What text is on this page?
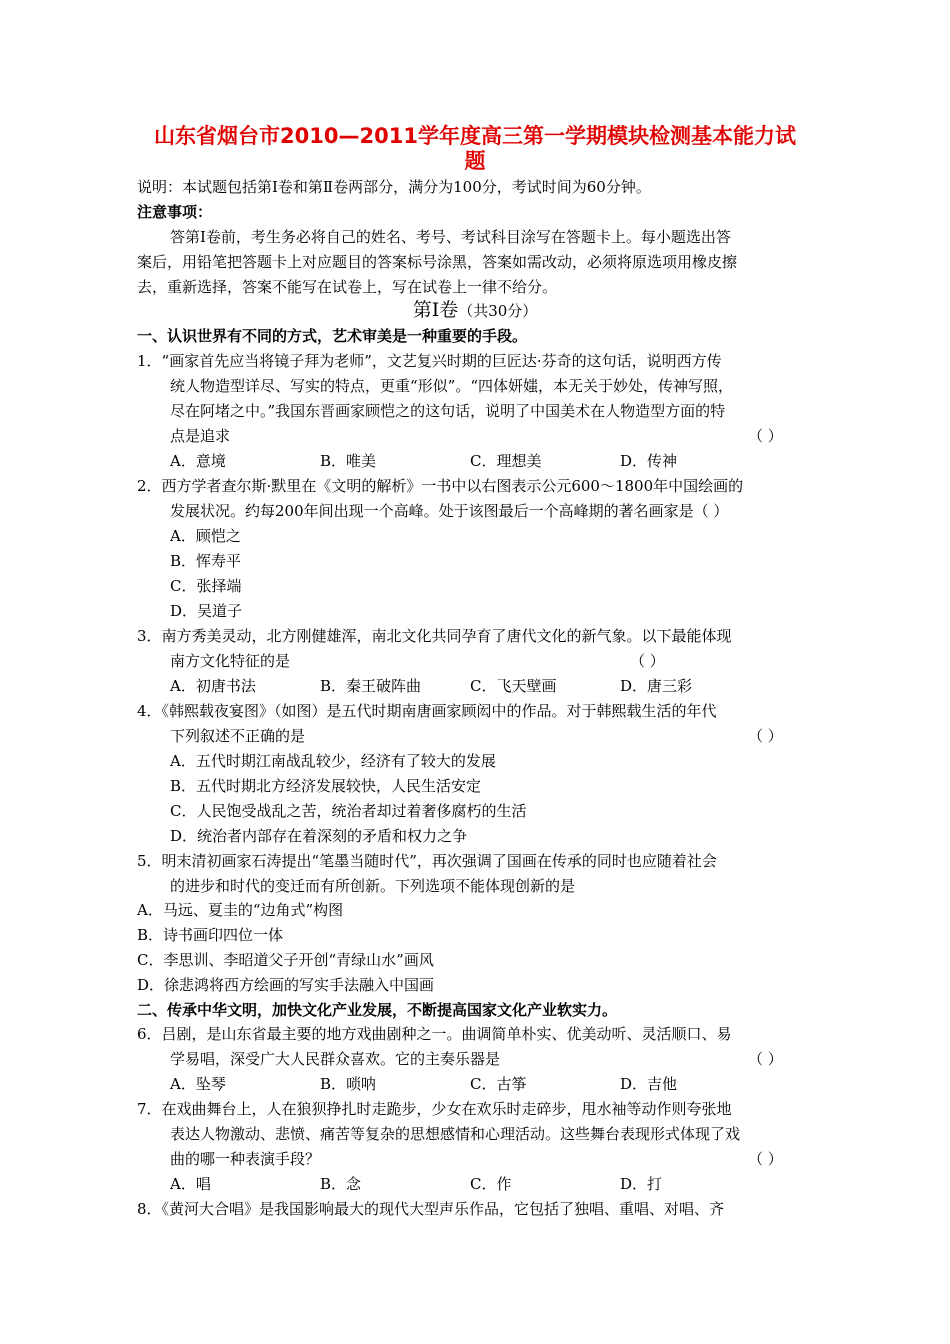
山东省烟台市2010—2011学年度高三第一学期模块检测基本能力试
题
说明：本试题包括第Ⅰ卷和第Ⅱ卷两部分，满分为100分，考试时间为60分钟。
注意事项：
答第Ⅰ卷前，考生务必将自己的姓名、考号、考试科目涂写在答题卡上。每小题选出答
案后，用铅笔把答题卡上对应题目的答案标号涂黑，答案如需改动，必须将原选项用橡皮擦
去，重新选择，答案不能写在试卷上，写在试卷上一律不给分。
第Ⅰ卷（共30分）
一、认识世界有不同的方式，艺术审美是一种重要的手段。
1．“画家首先应当将镜子拜为老师”，文艺复兴时期的巨匠达·芬奇的这句话，说明西方传
统人物造型详尽、写实的特点，更重“形似”。“四体妍媸，本无关于妙处，传神写照，
尽在阿堵之中。”我国东晋画家顾恺之的这句话，说明了中国美术在人物造型方面的特
点是追求	（ ）
A．意境	B．唯美	C．理想美	D．传神
2．西方学者查尔斯·默里在《文明的解析》一书中以右图表示公元600～1800年中国绘画的
发展状况。约每200年间出现一个高峰。处于该图最后一个高峰期的著名画家是（ ）
A．顾恺之
B．恽寿平
C．张择端
D．吴道子
3．南方秀美灵动，北方刚健雄浑，南北文化共同孕育了唐代文化的新气象。以下最能体现
南方文化特征的是	（ ）
A．初唐书法	B．秦王破阵曲	C．飞天壁画	D．唐三彩
4．《韩熙载夜宴图》（如图）是五代时期南唐画家顾闳中的作品。对于韩熙载生活的年代
下列叙述不正确的是	（ ）
A．五代时期江南战乱较少，经济有了较大的发展
B．五代时期北方经济发展较快，人民生活安定
C．人民饱受战乱之苦，统治者却过着奢侈腐朽的生活
D．统治者内部存在着深刻的矛盾和权力之争
5．明末清初画家石涛提出“笔墨当随时代”，再次强调了国画在传承的同时也应随着社会
的进步和时代的变迁而有所创新。下列选项不能体现创新的是
A．马远、夏圭的“边角式”构图
B．诗书画印四位一体
C．李思训、李昭道父子开创“青绿山水”画风
D．徐悲鸿将西方绘画的写实手法融入中国画
二、传承中华文明，加快文化产业发展，不断提高国家文化产业软实力。
6．吕剧，是山东省最主要的地方戏曲剧种之一。曲调简单朴实、优美动听、灵活顺口、易
学易唱，深受广大人民群众喜欢。它的主奏乐器是	（ ）
A．坠琴	B．唢呐	C．古筝	D．吉他
7．在戏曲舞台上，人在狼狈挣扎时走跪步，少女在欢乐时走碎步，甩水袖等动作则夸张地
表达人物激动、悲愤、痛苦等复杂的思想感情和心理活动。这些舞台表现形式体现了戏
曲的哪一种表演手段？	（ ）
A．唱	B．念	C．作	D．打
8．《黄河大合唱》是我国影响最大的现代大型声乐作品，它包括了独唱、重唱、对唱、齐
